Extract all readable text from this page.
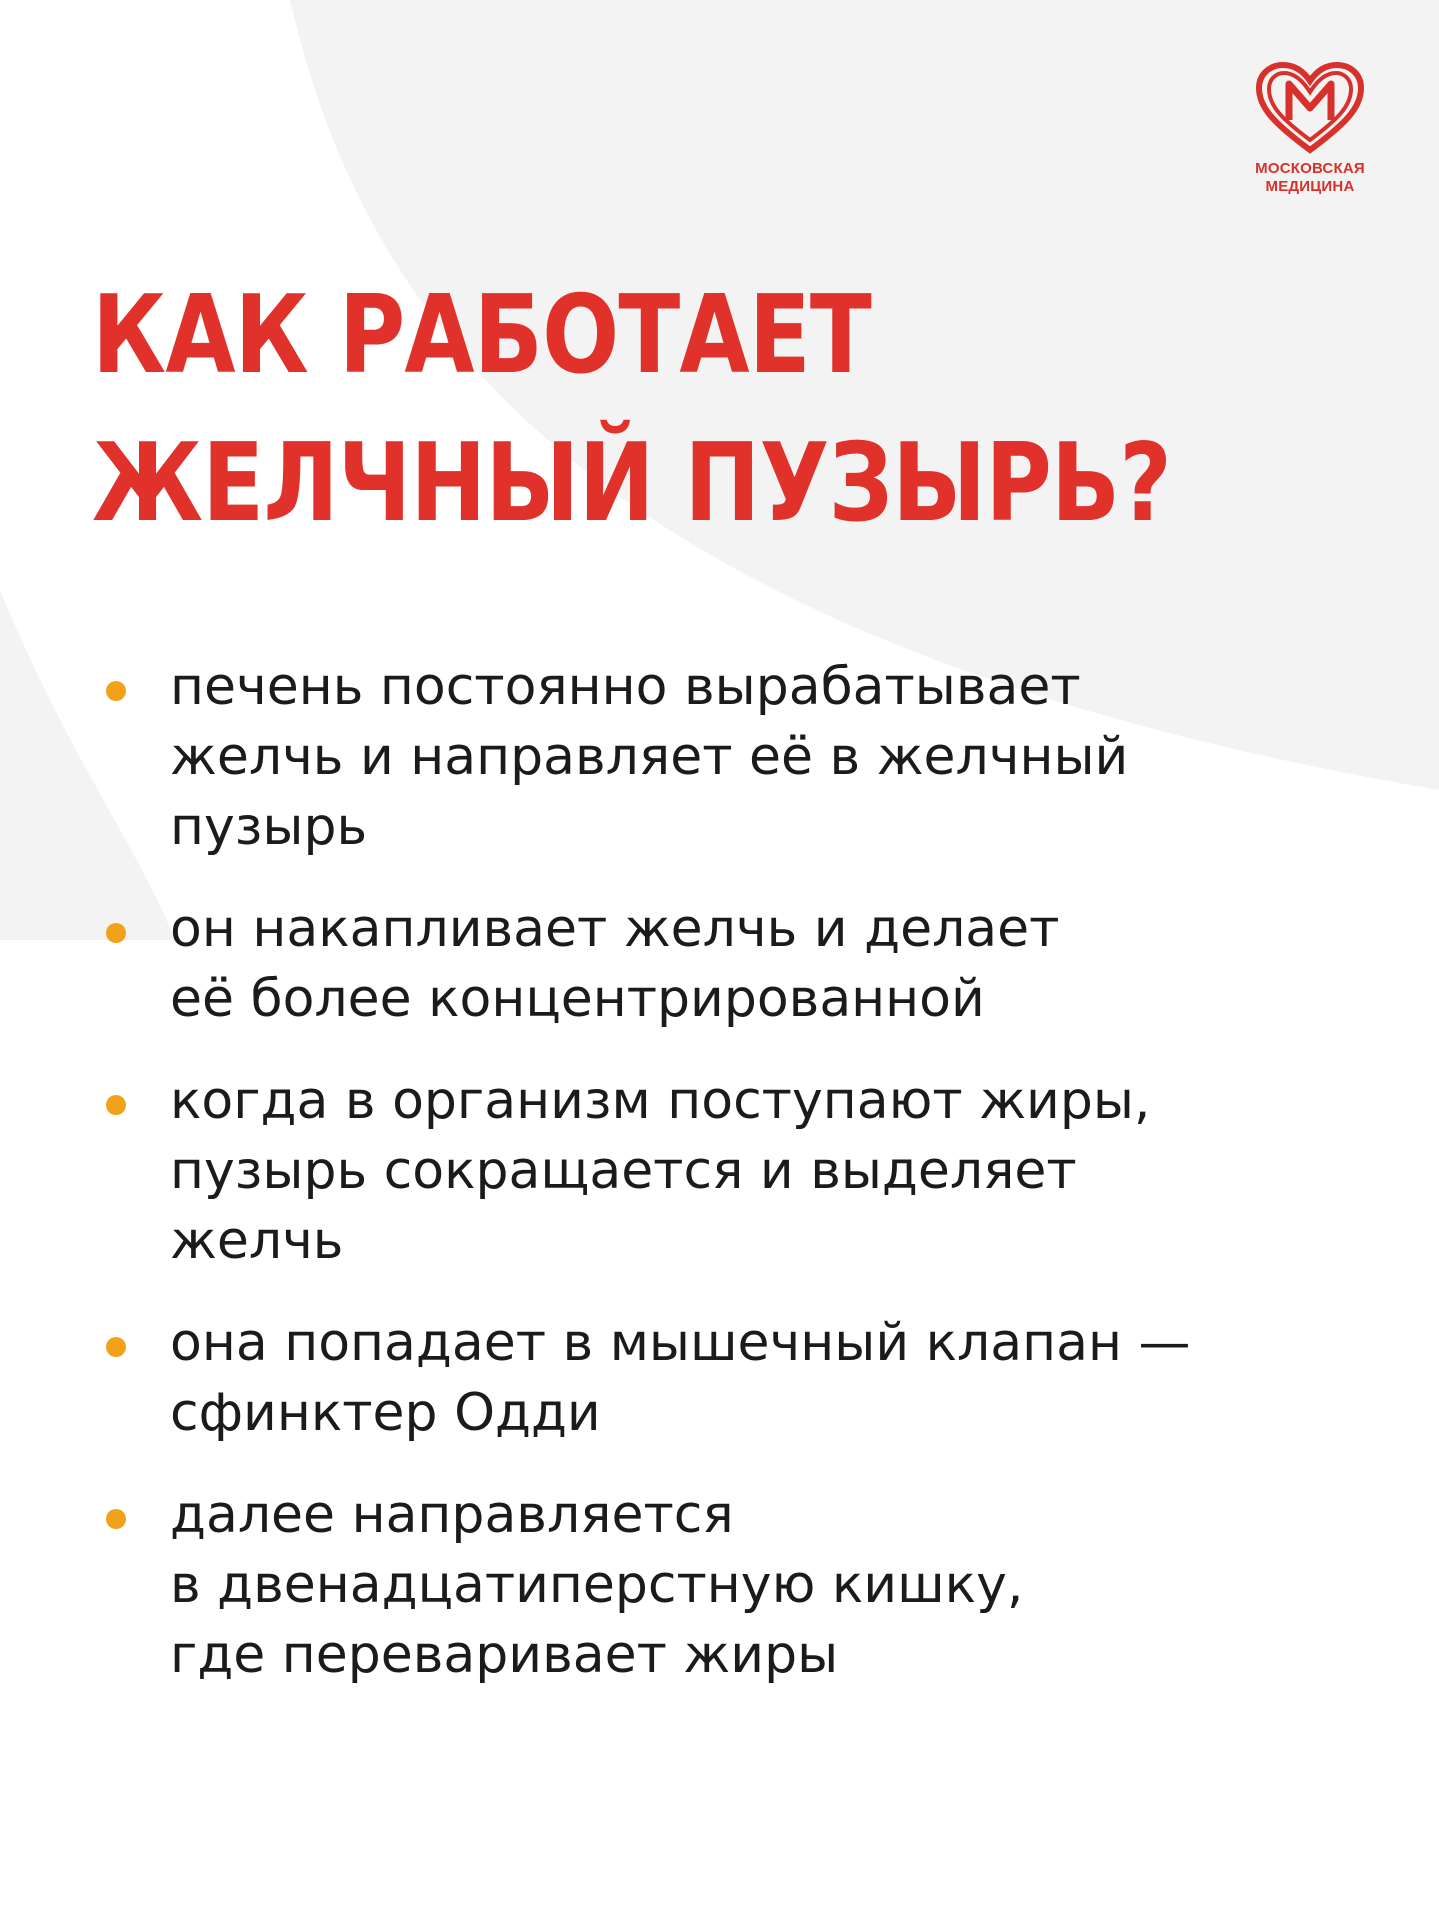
МОСКОВСКАЯ
МЕДИЦИНА
КАК РАБОТАЕТ
ЖЕЛЧНЫЙ ПУЗЫРЬ?
печень постоянно вырабатывает
желчь и направляет её в желчный
пузырь
он накапливает желчь и делает
её более концентрированной
когда в организм поступают жиры,
пузырь сокращается и выделяет
желчь
она попадает в мышечный клапан —
сфинктер Одди
далее направляется
в двенадцатиперстную кишку,
где переваривает жиры
